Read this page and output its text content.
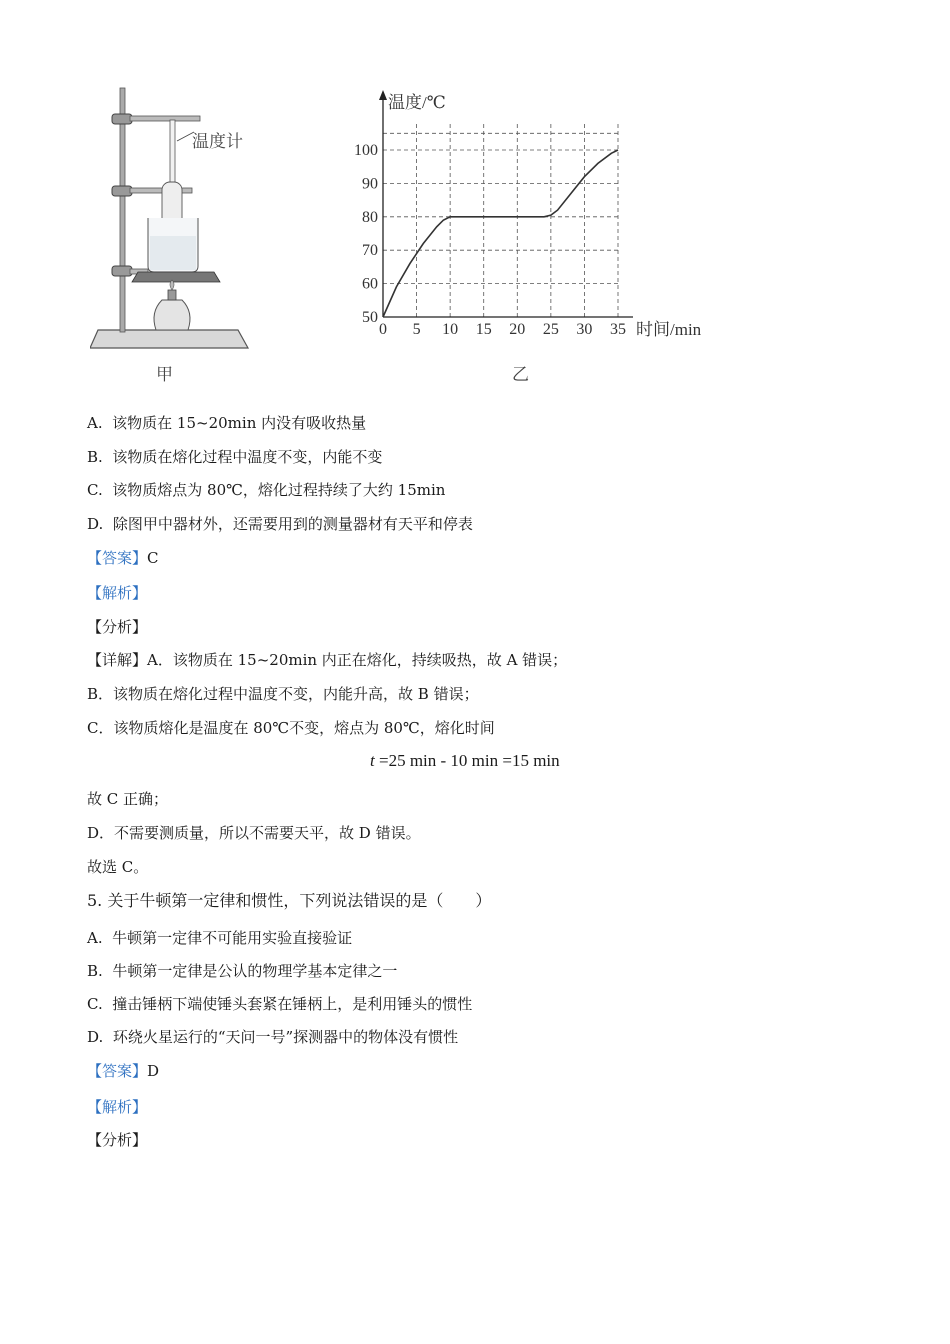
温度计
甲
0 5 10 15 20 25 30 35
50
60
70
80
90
100
温度/℃
时间/min
乙
A. 该物质在 15~20min 内没有吸收热量
B. 该物质在熔化过程中温度不变，内能不变
C. 该物质熔点为 80℃，熔化过程持续了大约 15min
D. 除图甲中器材外，还需要用到的测量器材有天平和停表
【答案】C
【解析】
【分析】
【详解】A．该物质在 15~20min 内正在熔化，持续吸热，故 A 错误；
B．该物质在熔化过程中温度不变，内能升高，故 B 错误；
C．该物质熔化是温度在 80℃不变，熔点为 80℃，熔化时间
t =25 min - 10 min =15 min
故 C 正确；
D．不需要测质量，所以不需要天平，故 D 错误。
故选 C。
5. 关于牛顿第一定律和惯性，下列说法错误的是（　　）
A. 牛顿第一定律不可能用实验直接验证
B. 牛顿第一定律是公认的物理学基本定律之一
C. 撞击锤柄下端使锤头套紧在锤柄上，是利用锤头的惯性
D. 环绕火星运行的“天问一号”探测器中的物体没有惯性
【答案】D
【解析】
【分析】
